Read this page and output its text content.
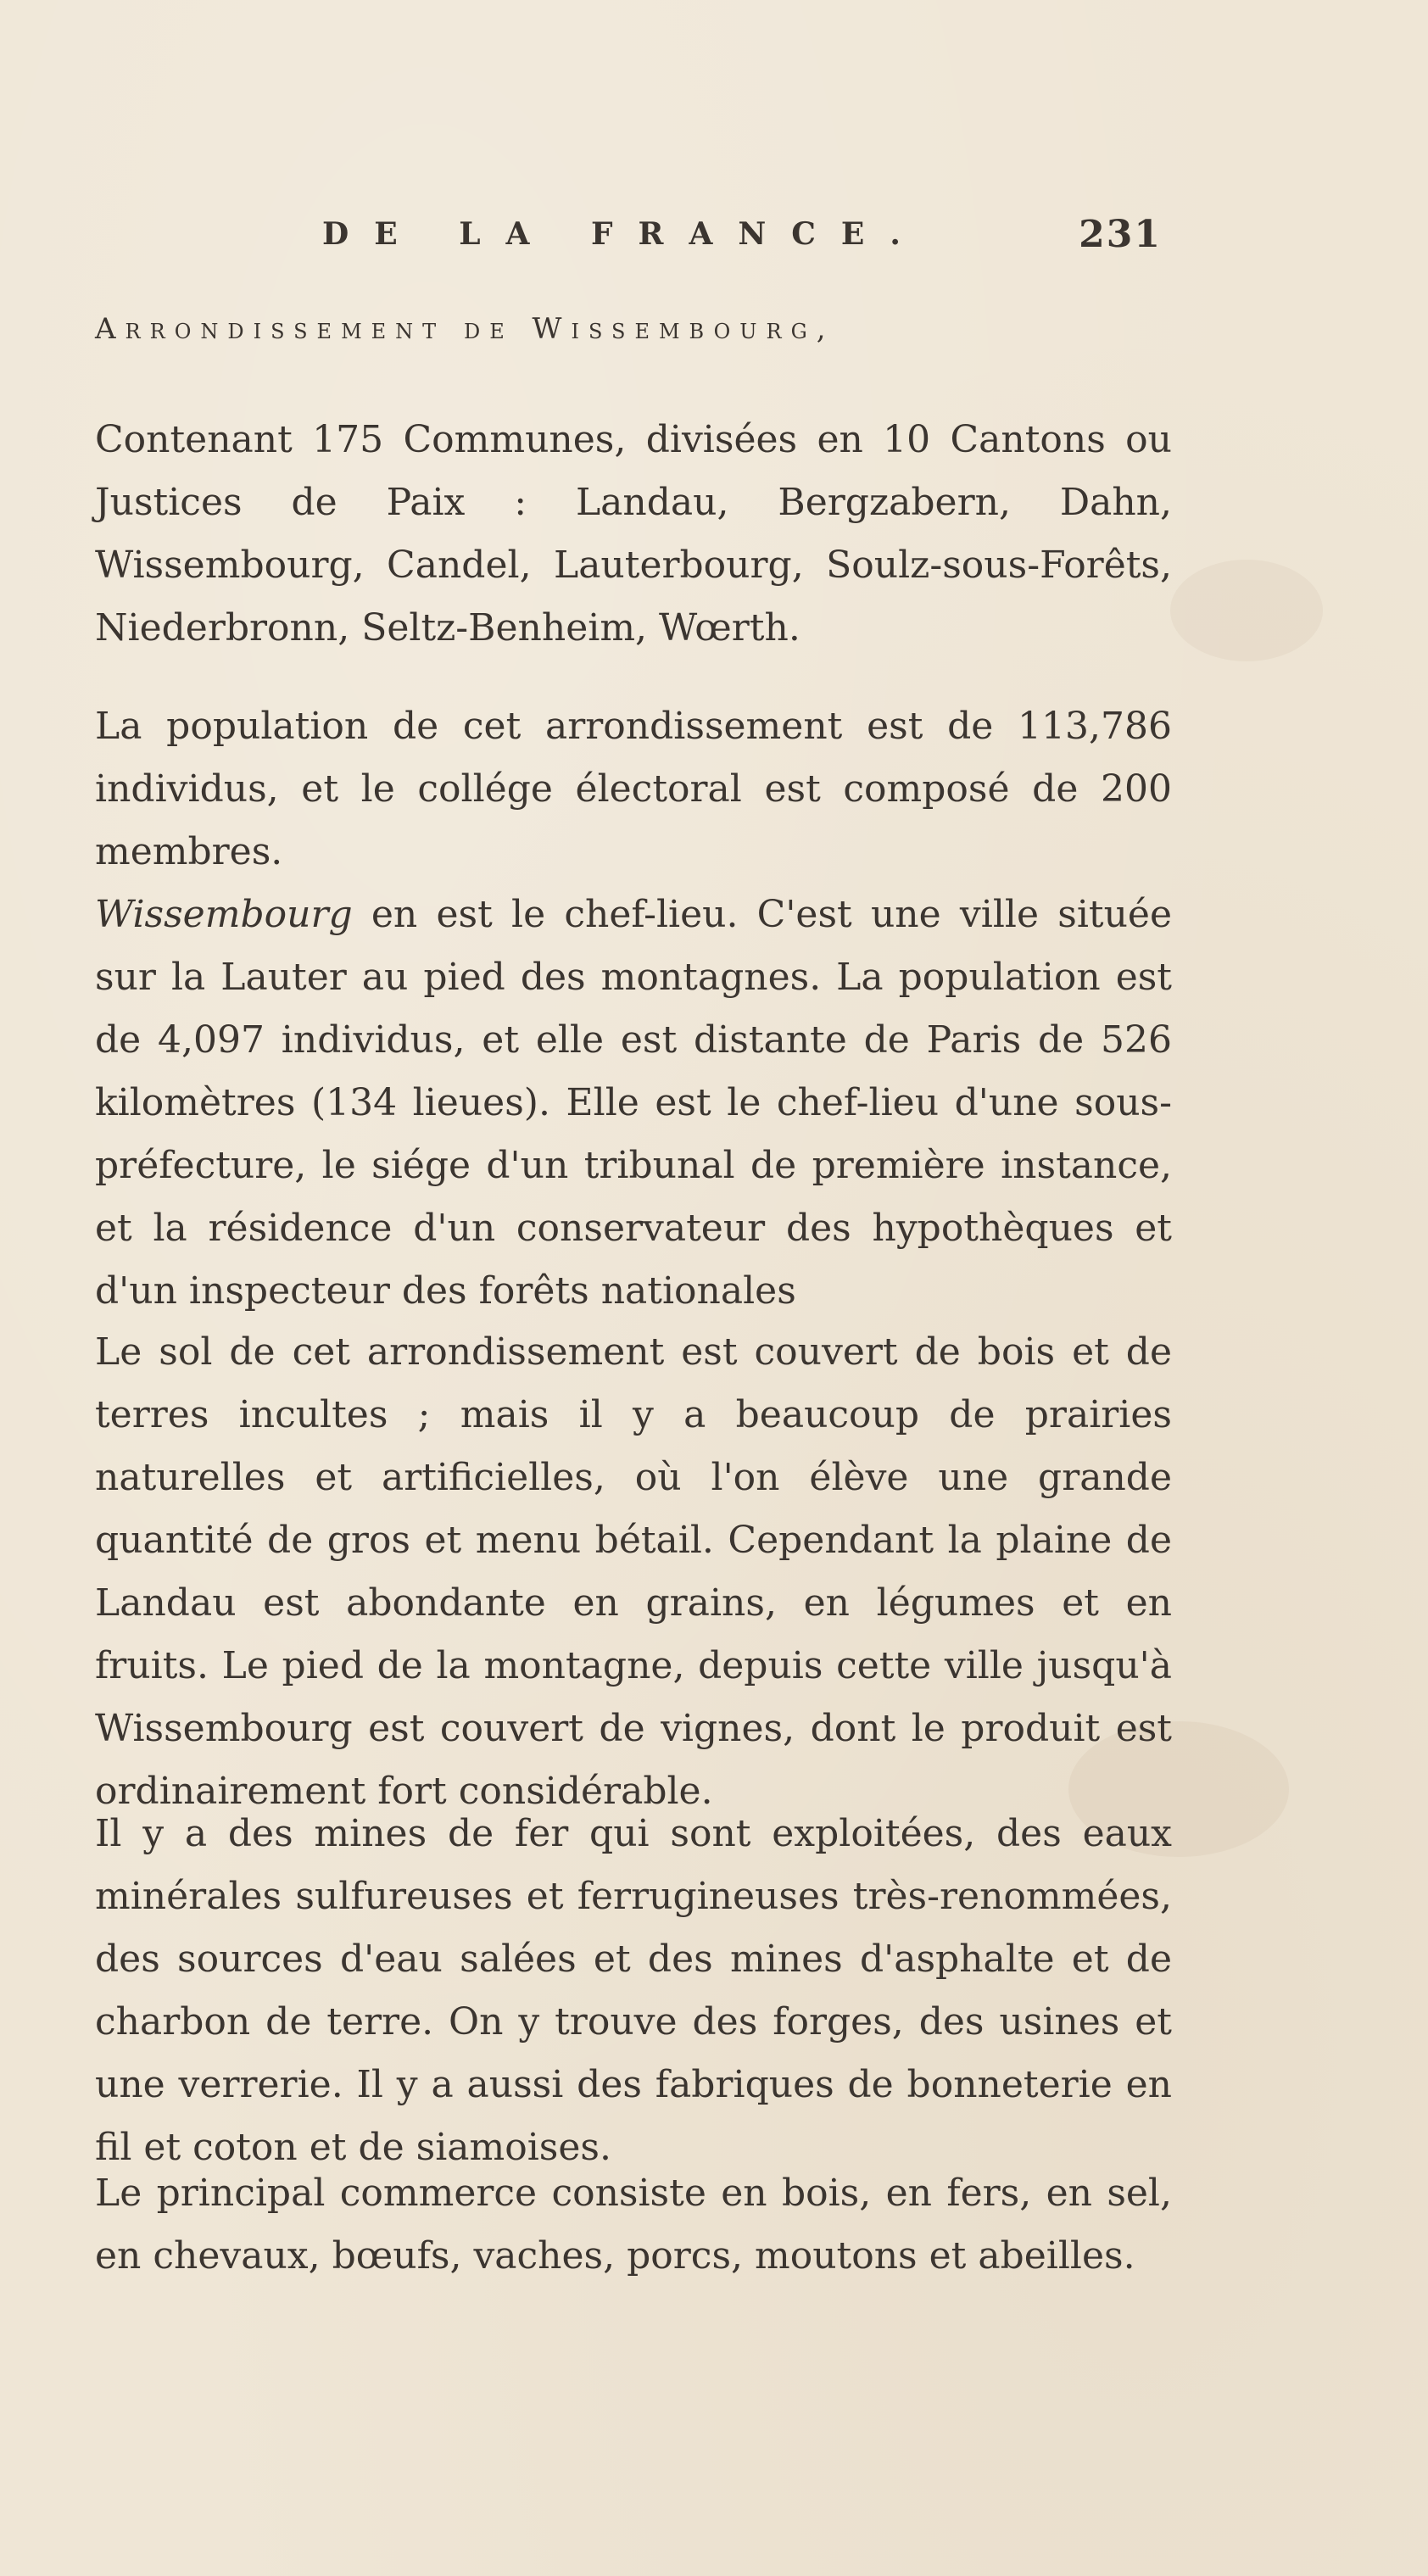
DE LA FRANCE.	231
Arrondissement de Wissembourg,
Contenant 175 Communes, divisées en 10 Cantons ou Justices de Paix : Landau, Bergzabern, Dahn, Wissembourg, Candel, Lauterbourg, Soulz-sous-Forêts, Niederbronn, Seltz-Benheim, Wœrth.
La population de cet arrondissement est de 113,786 individus, et le collége électoral est composé de 200 membres.
Wissembourg en est le chef-lieu. C'est une ville située sur la Lauter au pied des montagnes. La population est de 4,097 individus, et elle est distante de Paris de 526 kilomètres (134 lieues). Elle est le chef-lieu d'une sous-préfecture, le siége d'un tribunal de première instance, et la résidence d'un conservateur des hypothèques et d'un inspecteur des forêts nationales
Le sol de cet arrondissement est couvert de bois et de terres incultes ; mais il y a beaucoup de prairies naturelles et artificielles, où l'on élève une grande quantité de gros et menu bétail. Cependant la plaine de Landau est abondante en grains, en légumes et en fruits. Le pied de la montagne, depuis cette ville jusqu'à Wissembourg est couvert de vignes, dont le produit est ordinairement fort considérable.
Il y a des mines de fer qui sont exploitées, des eaux minérales sulfureuses et ferrugineuses très-renommées, des sources d'eau salées et des mines d'asphalte et de charbon de terre. On y trouve des forges, des usines et une verrerie. Il y a aussi des fabriques de bonneterie en fil et coton et de siamoises.
Le principal commerce consiste en bois, en fers, en sel, en chevaux, bœufs, vaches, porcs, moutons et abeilles.
